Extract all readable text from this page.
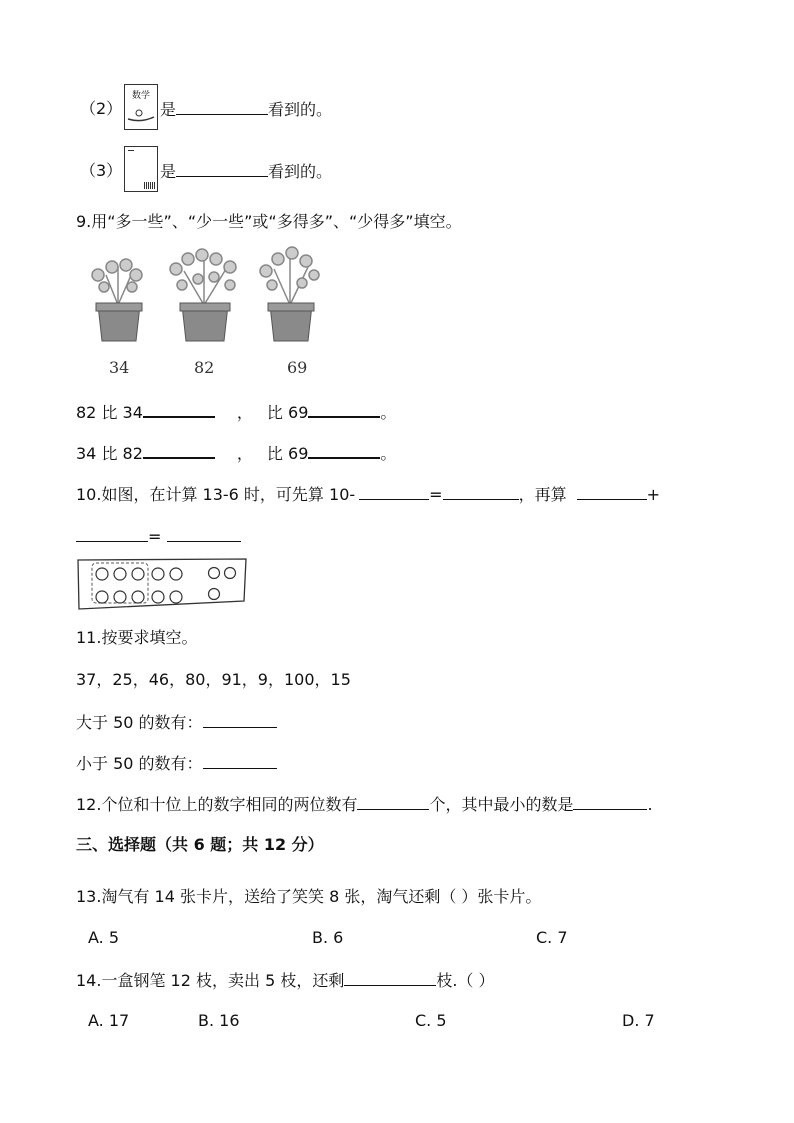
（2）
数学
是	看到的。
（3） 是	看到的。
9.用“多一些”、“少一些”或“多得多”、“少得多”填空。
34	82	69
82 比 34	， 比 69	。
34 比 82	， 比 69	。
10.如图，在计算 13-6 时，可先算 10-	=	，再算	+
=
11.按要求填空。
37，25，46，80，91，9，100，15
大于 50 的数有：
小于 50 的数有：
12.个位和十位上的数字相同的两位数有	个，其中最小的数是	.
三、选择题（共 6 题；共 12 分）
13.淘气有 14 张卡片，送给了笑笑 8 张，淘气还剩（ ）张卡片。
A. 5	B. 6	C. 7
14.一盒钢笔 12 枝，卖出 5 枝，还剩	枝.（ ）
A. 17	B. 16	C. 5	D. 7
